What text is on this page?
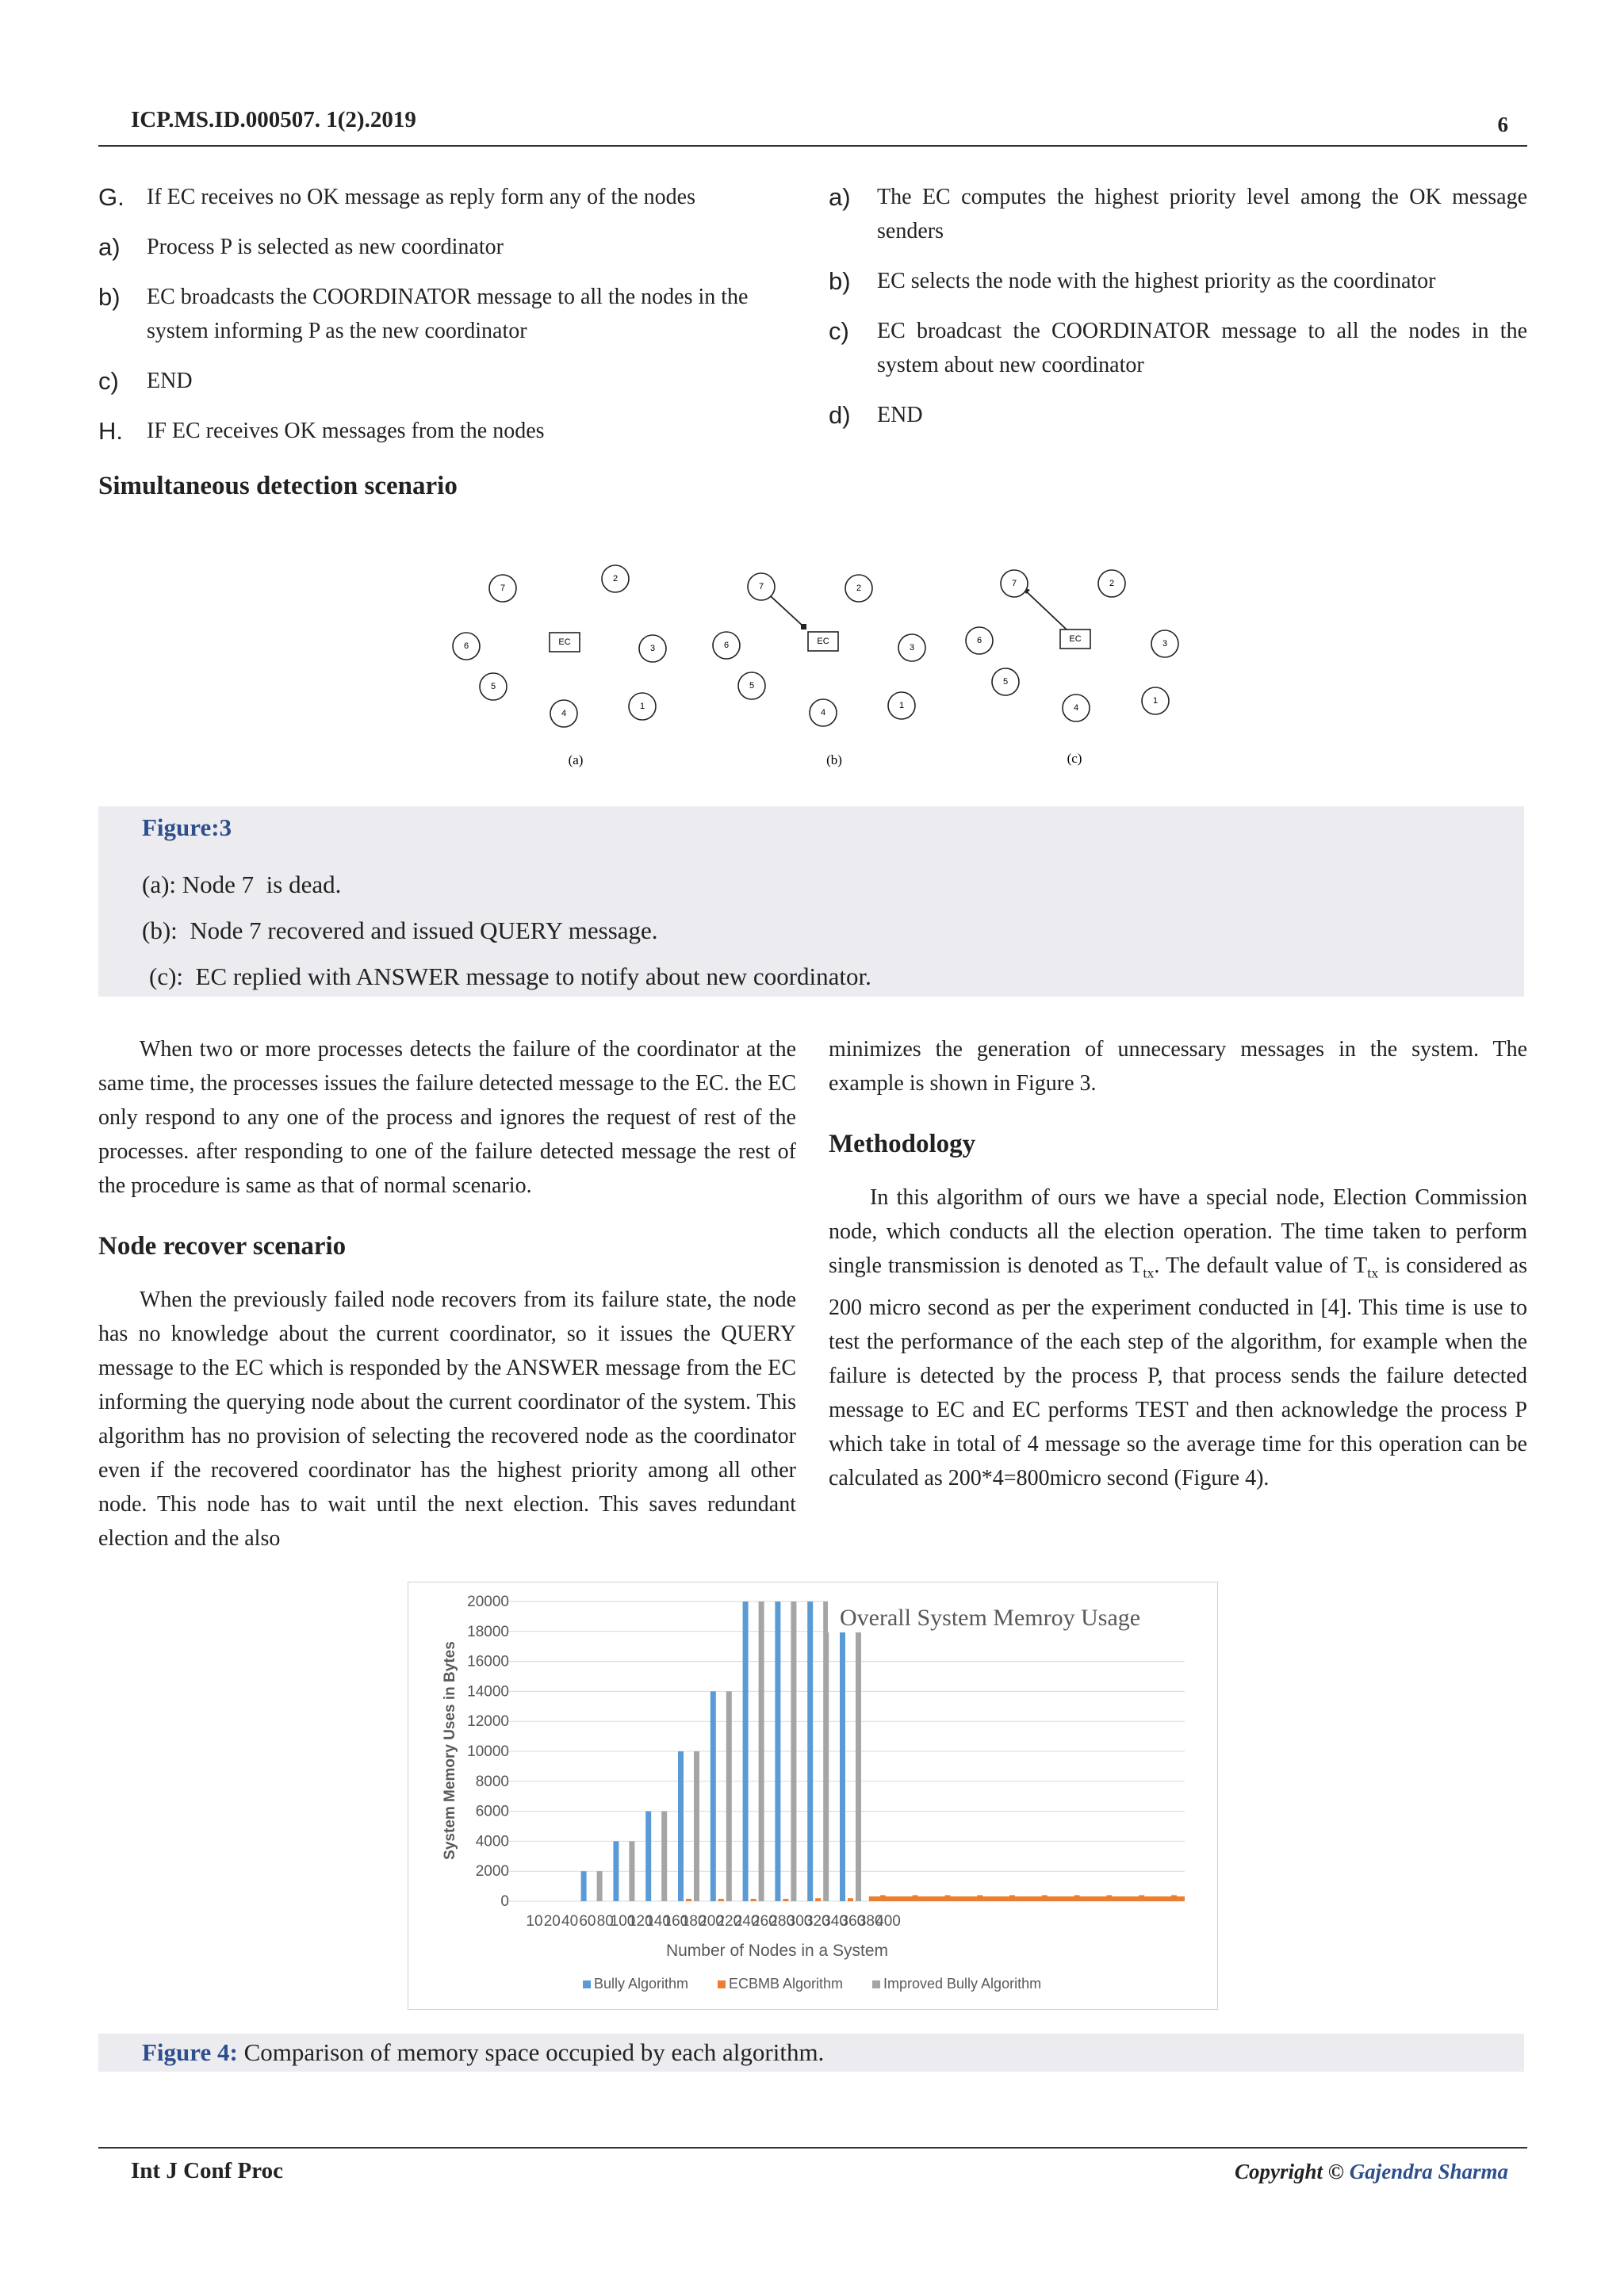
ICP.MS.ID.000507. 1(2).2019	6
G. If EC receives no OK message as reply form any of the nodes
a) Process P is selected as new coordinator
b) EC broadcasts the COORDINATOR message to all the nodes in the system informing P as the new coordinator
c) END
H. IF EC receives OK messages from the nodes
a) The EC computes the highest priority level among the OK message senders
b) EC selects the node with the highest priority as the coordinator
c) EC broadcast the COORDINATOR message to all the nodes in the system about new coordinator
d) END
Simultaneous detection scenario
7
2
6	EC
3
5
4
1
(a)
7	2
6	EC
3
5
4
1
(b)
7	2
6	EC	3
5
4
1
(c)
Figure:3
(a): Node 7  is dead.
(b):  Node 7 recovered and issued QUERY message.
(c):  EC replied with ANSWER message to notify about new coordinator.

When two or more processes detects the failure of the coordinator at the same time, the processes issues the failure detected message to the EC. the EC only respond to any one of the process and ignores the request of rest of the processes. after responding to one of the failure detected message the rest of the procedure is same as that of normal scenario.

Node recover scenario

When the previously failed node recovers from its failure state, the node has no knowledge about the current coordinator, so it issues the QUERY message to the EC which is responded by the ANSWER message from the EC informing the querying node about the current coordinator of the system. This algorithm has no provision of selecting the recovered node as the coordinator even if the recovered coordinator has the highest priority among all other node. This node has to wait until the next election. This saves redundant election and the also

minimizes the generation of unnecessary messages in the system. The example is shown in Figure 3.
Methodology

In this algorithm of ours we have a special node, Election Commission node, which conducts all the election operation. The time taken to perform single transmission is denoted as $T_{tx}$. The default value of $T_{tx}$ is considered as 200 micro second as per the experiment conducted in [4]. This time is use to test the performance of the each step of the algorithm, for example when the failure is detected by the process P, that process sends the failure detected message to EC and EC performs TEST and then acknowledge the process P which take in total of 4 message so the average time for this operation can be calculated as 200*4=800micro second (Figure 4).

0
2000
4000
6000
8000
10000
12000
14000
16000
18000
20000
10 20 40 60 80
100
120
140
160
180
200
220
240
260
280
300
320
340
360
380
400
Overall System Memroy Usage
Number of Nodes in a System
System Memory Uses in Bytes
Bully Algorithm	ECBMB Algorithm	Improved Bully Algorithm
Figure 4: Comparison of memory space occupied by each algorithm.
Int J Conf Proc	Copyright © Gajendra Sharma
